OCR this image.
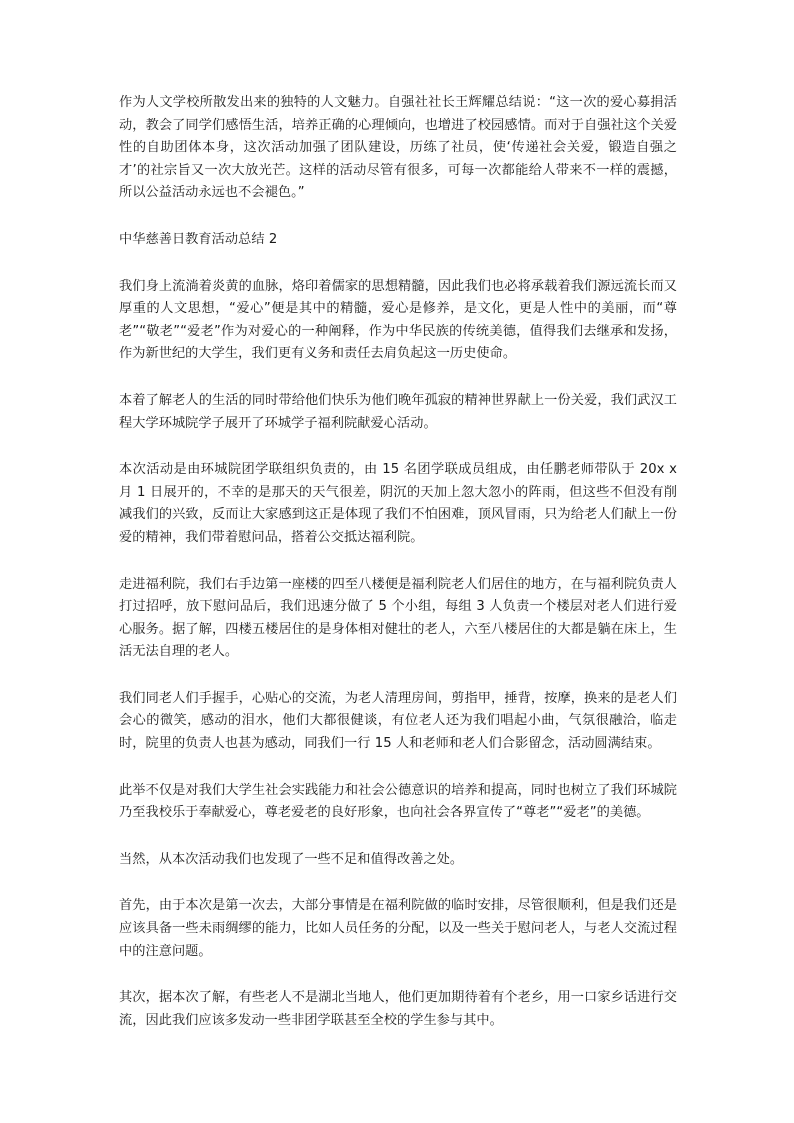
作为人文学校所散发出来的独特的人文魅力。自强社社长王辉耀总结说：“这一次的爱心募捐活动，教会了同学们感悟生活，培养正确的心理倾向，也增进了校园感情。而对于自强社这个关爱性的自助团体本身，这次活动加强了团队建设，历练了社员，使‘传递社会关爱，锻造自强之才’的社宗旨又一次大放光芒。这样的活动尽管有很多，可每一次都能给人带来不一样的震撼，所以公益活动永远也不会褪色。”

中华慈善日教育活动总结 2

我们身上流淌着炎黄的血脉，烙印着儒家的思想精髓，因此我们也必将承载着我们源远流长而又厚重的人文思想，“爱心”便是其中的精髓，爱心是修养，是文化，更是人性中的美丽，而“尊老”“敬老”“爱老”作为对爱心的一种阐释，作为中华民族的传统美德，值得我们去继承和发扬，作为新世纪的大学生，我们更有义务和责任去肩负起这一历史使命。

本着了解老人的生活的同时带给他们快乐为他们晚年孤寂的精神世界献上一份关爱，我们武汉工程大学环城院学子展开了环城学子福利院献爱心活动。

本次活动是由环城院团学联组织负责的，由 15 名团学联成员组成，由任鹏老师带队于 20x x 月 1 日展开的，不幸的是那天的天气很差，阴沉的天加上忽大忽小的阵雨，但这些不但没有削减我们的兴致，反而让大家感到这正是体现了我们不怕困难，顶风冒雨，只为给老人们献上一份爱的精神，我们带着慰问品，搭着公交抵达福利院。

走进福利院，我们右手边第一座楼的四至八楼便是福利院老人们居住的地方，在与福利院负责人打过招呼，放下慰问品后，我们迅速分做了 5 个小组，每组 3 人负责一个楼层对老人们进行爱心服务。据了解，四楼五楼居住的是身体相对健壮的老人，六至八楼居住的大都是躺在床上，生活无法自理的老人。

我们同老人们手握手，心贴心的交流，为老人清理房间，剪指甲，捶背，按摩，换来的是老人们会心的微笑，感动的泪水，他们大都很健谈，有位老人还为我们唱起小曲，气氛很融洽，临走时，院里的负责人也甚为感动，同我们一行 15 人和老师和老人们合影留念，活动圆满结束。

此举不仅是对我们大学生社会实践能力和社会公德意识的培养和提高，同时也树立了我们环城院乃至我校乐于奉献爱心，尊老爱老的良好形象，也向社会各界宣传了“尊老”“爱老”的美德。

当然，从本次活动我们也发现了一些不足和值得改善之处。

首先，由于本次是第一次去，大部分事情是在福利院做的临时安排，尽管很顺利，但是我们还是应该具备一些未雨绸缪的能力，比如人员任务的分配，以及一些关于慰问老人，与老人交流过程中的注意问题。

其次，据本次了解，有些老人不是湖北当地人，他们更加期待着有个老乡，用一口家乡话进行交流，因此我们应该多发动一些非团学联甚至全校的学生参与其中。
